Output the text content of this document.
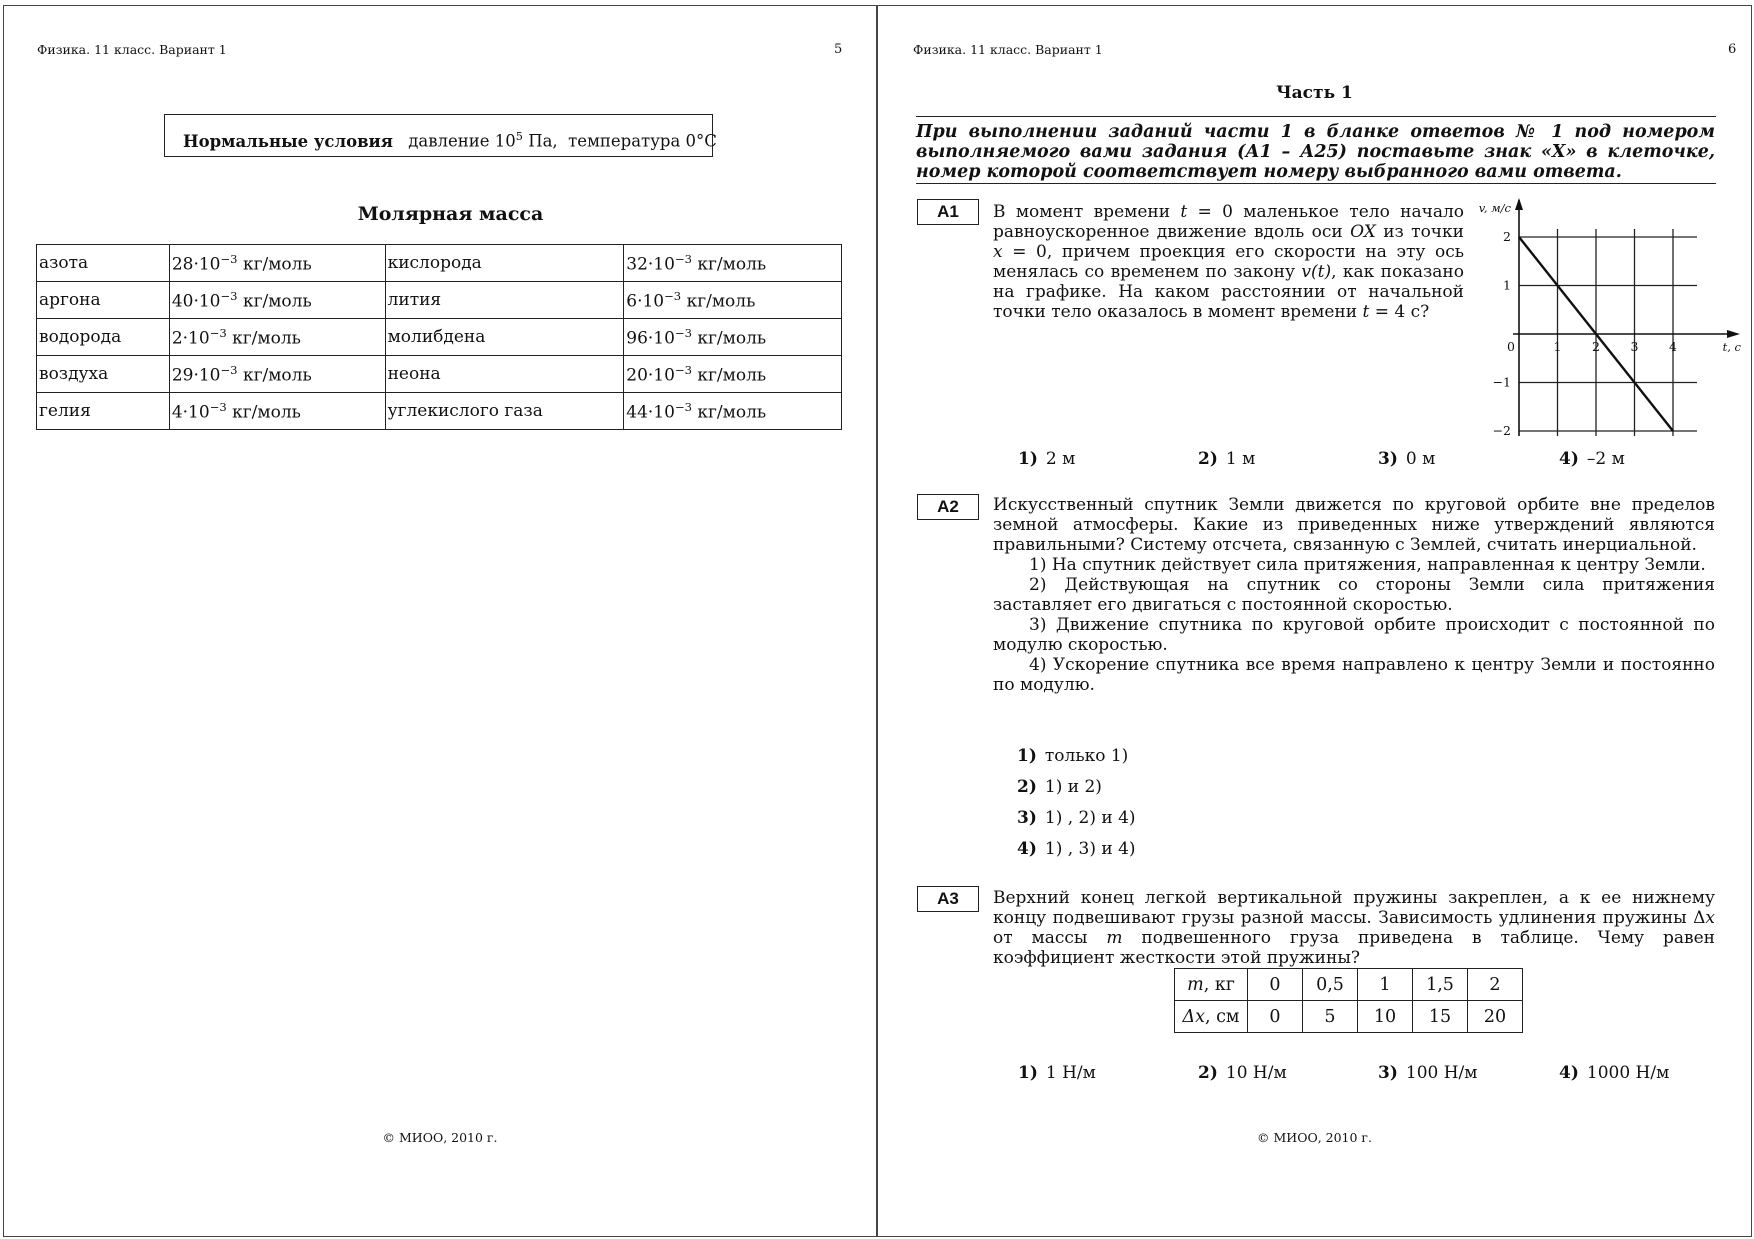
Физика. 11 класс. Вариант 1	5
Нормальные условия давление $10^5$ Па, температура 0°С
Молярная масса
азота	$28\cdot 10^{-3}$ кг/моль	кислорода	$32\cdot 10^{-3}$ кг/моль
аргона	$40\cdot 10^{-3}$ кг/моль	лития	$6\cdot 10^{-3}$ кг/моль
водорода	$2\cdot 10^{-3}$ кг/моль	молибдена	$96\cdot 10^{-3}$ кг/моль
воздуха	$29\cdot 10^{-3}$ кг/моль	неона	$20\cdot 10^{-3}$ кг/моль
гелия	$4\cdot 10^{-3}$ кг/моль	углекислого газа	$44\cdot 10^{-3}$ кг/моль
© МИОО, 2010 г.
Физика. 11 класс. Вариант 1	6
Часть 1
При выполнении заданий части 1 в бланке ответов № 1 под номером выполняемого вами задания (А1 – А25) поставьте знак «X» в клеточке, номер которой соответствует номеру выбранного вами ответа.
А1	В момент времени t = 0 маленькое тело начало равноускоренное движение вдоль оси OX из точки x = 0, причем проекция его скорости на эту ось менялась со временем по закону v(t), как показано на графике. На каком расстоянии от начальной точки тело оказалось в момент времени t = 4 с?
0	1 2 3 4
2
1
−1
−2
v, м/с
t, с
1) 2 м	2) 1 м	3) 0 м	4) –2 м
А2	Искусственный спутник Земли движется по круговой орбите вне пределов земной атмосферы. Какие из приведенных ниже утверждений являются правильными? Систему отсчета, связанную с Землей, считать инерциальной.

1) На спутник действует сила притяжения, направленная к центру Земли.

2) Действующая на спутник со стороны Земли сила притяжения заставляет его двигаться с постоянной скоростью.

3) Движение спутника по круговой орбите происходит с постоянной по модулю скоростью.

4) Ускорение спутника все время направлено к центру Земли и постоянно по модулю.

1) только 1)
2) 1) и 2)
3) 1) , 2) и 4)
4) 1) , 3) и 4)
А3	Верхний конец легкой вертикальной пружины закреплен, а к ее нижнему концу подвешивают грузы разной массы. Зависимость удлинения пружины Δx от массы m подвешенного груза приведена в таблице. Чему равен коэффициент жесткости этой пружины?
m, кг	0	0,5	1	1,5	2
Δx, см	0	5	10	15	20
1) 1 Н/м	2) 10 Н/м	3) 100 Н/м	4) 1000 Н/м
© МИОО, 2010 г.
